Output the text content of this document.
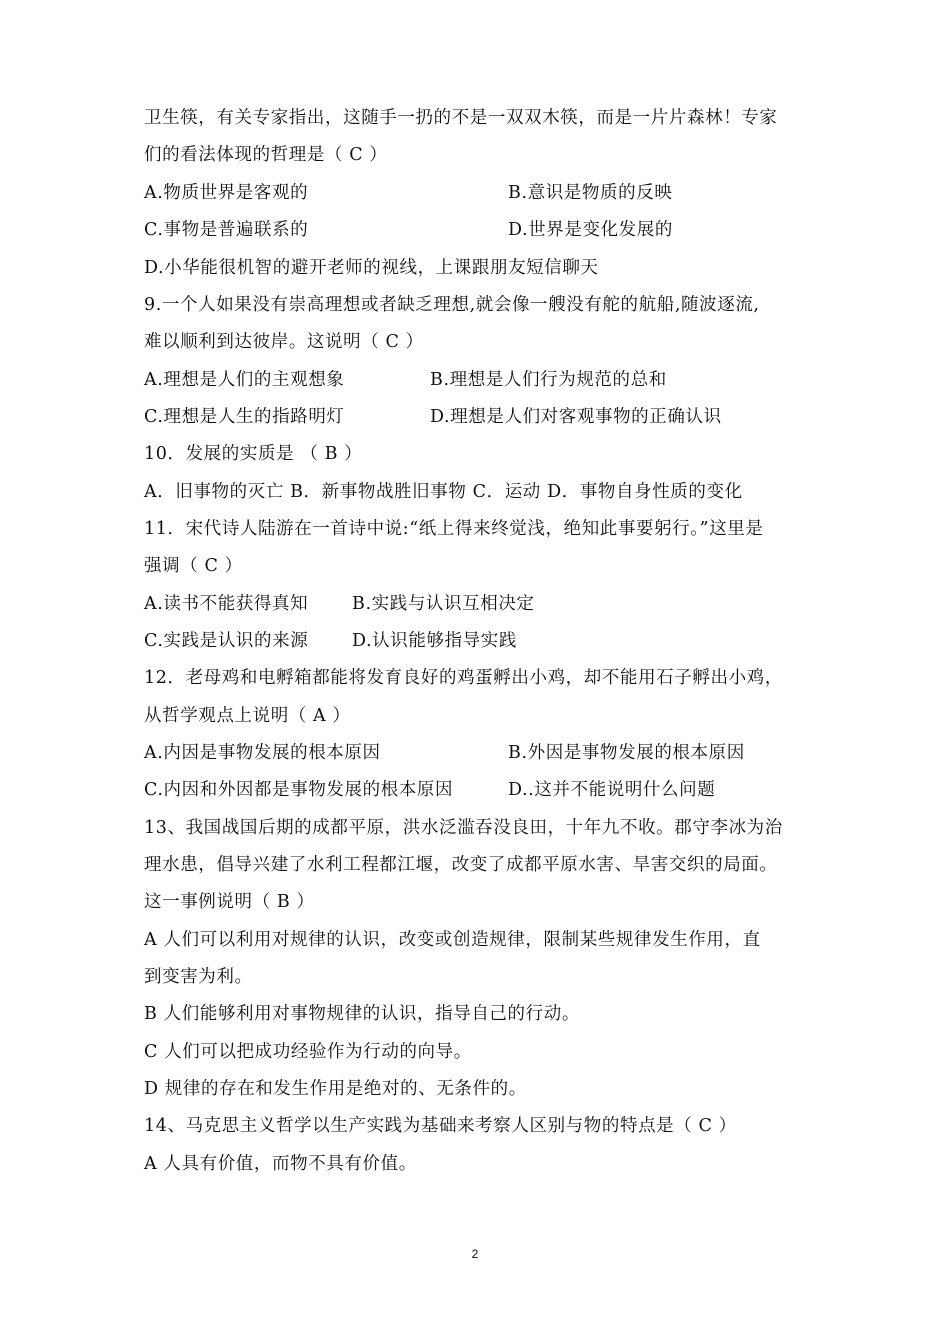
卫生筷，有关专家指出，这随手一扔的不是一双双木筷，而是一片片森林！专家
们的看法体现的哲理是（ C ）
A.物质世界是客观的	B.意识是物质的反映
C.事物是普遍联系的	D.世界是变化发展的
D.小华能很机智的避开老师的视线，上课跟朋友短信聊天
9.一个人如果没有崇高理想或者缺乏理想,就会像一艘没有舵的航船,随波逐流,
难以顺利到达彼岸。这说明（ C ）
A.理想是人们的主观想象	B.理想是人们行为规范的总和
C.理想是人生的指路明灯	D.理想是人们对客观事物的正确认识
10．发展的实质是 （ B ）
A．旧事物的灭亡 B．新事物战胜旧事物 C．运动 D．事物自身性质的变化
11．宋代诗人陆游在一首诗中说:“纸上得来终觉浅，绝知此事要躬行。”这里是
强调（ C ）
A.读书不能获得真知	B.实践与认识互相决定
C.实践是认识的来源 D.认识能够指导实践
12．老母鸡和电孵箱都能将发育良好的鸡蛋孵出小鸡，却不能用石子孵出小鸡，
从哲学观点上说明（ A ）
A.内因是事物发展的根本原因	B.外因是事物发展的根本原因
C.内因和外因都是事物发展的根本原因	D..这并不能说明什么问题
13、我国战国后期的成都平原，洪水泛滥吞没良田，十年九不收。郡守李冰为治
理水患，倡导兴建了水利工程都江堰，改变了成都平原水害、旱害交织的局面。
这一事例说明（ B ）
A 人们可以利用对规律的认识，改变或创造规律，限制某些规律发生作用，直
到变害为利。
B 人们能够利用对事物规律的认识，指导自己的行动。
C 人们可以把成功经验作为行动的向导。
D 规律的存在和发生作用是绝对的、无条件的。
14、马克思主义哲学以生产实践为基础来考察人区别与物的特点是（ C ）
A 人具有价值，而物不具有价值。
2
